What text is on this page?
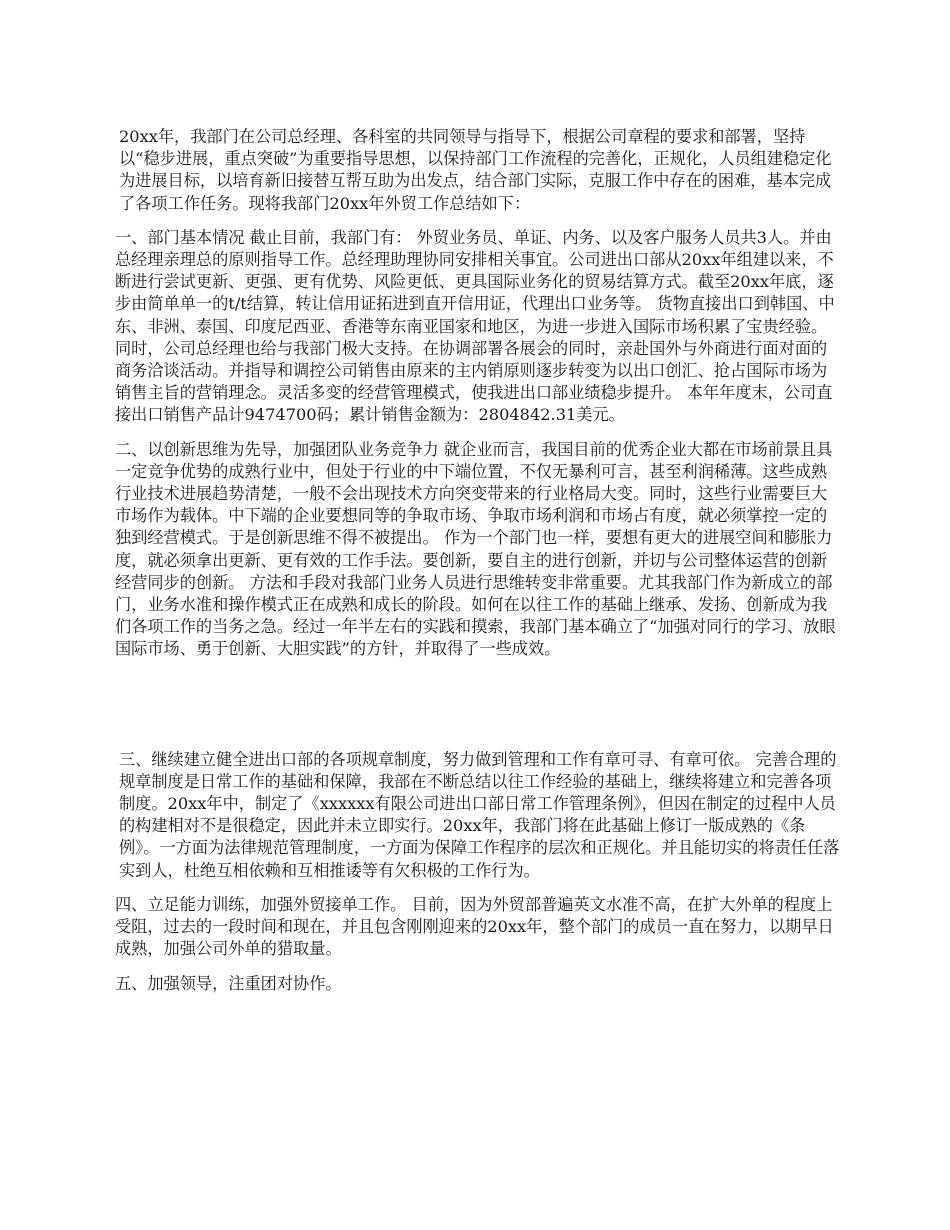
20xx年，我部门在公司总经理、各科室的共同领导与指导下，根据公司章程的要求和部署，坚持以“稳步进展，重点突破”为重要指导思想，以保持部门工作流程的完善化，正规化，人员组建稳定化为进展目标，以培育新旧接替互帮互助为出发点，结合部门实际，克服工作中存在的困难，基本完成了各项工作任务。现将我部门20xx年外贸工作总结如下：

一、部门基本情况 截止目前，我部门有： 外贸业务员、单证、内务、以及客户服务人员共3人。并由总经理亲理总的原则指导工作。总经理助理协同安排相关事宜。公司进出口部从20xx年组建以来，不断进行尝试更新、更强、更有优势、风险更低、更具国际业务化的贸易结算方式。截至20xx年底，逐步由简单单一的t/t结算，转让信用证拓进到直开信用证，代理出口业务等。 货物直接出口到韩国、中东、非洲、泰国、印度尼西亚、香港等东南亚国家和地区，为进一步进入国际市场积累了宝贵经验。同时，公司总经理也给与我部门极大支持。在协调部署各展会的同时，亲赴国外与外商进行面对面的商务洽谈活动。并指导和调控公司销售由原来的主内销原则逐步转变为以出口创汇、抢占国际市场为销售主旨的营销理念。灵活多变的经营管理模式，使我进出口部业绩稳步提升。 本年年度末，公司直接出口销售产品计9474700码；累计销售金额为：2804842.31美元。

二、以创新思维为先导，加强团队业务竞争力 就企业而言，我国目前的优秀企业大都在市场前景且具一定竞争优势的成熟行业中，但处于行业的中下端位置，不仅无暴利可言，甚至利润稀薄。这些成熟行业技术进展趋势清楚，一般不会出现技术方向突变带来的行业格局大变。同时，这些行业需要巨大市场作为载体。中下端的企业要想同等的争取市场、争取市场利润和市场占有度，就必须掌控一定的独到经营模式。于是创新思维不得不被提出。 作为一个部门也一样，要想有更大的进展空间和膨胀力度，就必须拿出更新、更有效的工作手法。要创新，要自主的进行创新，并切与公司整体运营的创新经营同步的创新。 方法和手段对我部门业务人员进行思维转变非常重要。尤其我部门作为新成立的部门，业务水准和操作模式正在成熟和成长的阶段。如何在以往工作的基础上继承、发扬、创新成为我们各项工作的当务之急。经过一年半左右的实践和摸索，我部门基本确立了“加强对同行的学习、放眼国际市场、勇于创新、大胆实践”的方针，并取得了一些成效。

三、继续建立健全进出口部的各项规章制度，努力做到管理和工作有章可寻、有章可依。 完善合理的规章制度是日常工作的基础和保障，我部在不断总结以往工作经验的基础上，继续将建立和完善各项制度。20xx年中，制定了《xxxxxx有限公司进出口部日常工作管理条例》，但因在制定的过程中人员的构建相对不是很稳定，因此并未立即实行。20xx年，我部门将在此基础上修订一版成熟的《条例》。一方面为法律规范管理制度，一方面为保障工作程序的层次和正规化。并且能切实的将责任任落实到人，杜绝互相依赖和互相推诿等有欠积极的工作行为。

四、立足能力训练，加强外贸接单工作。 目前，因为外贸部普遍英文水准不高，在扩大外单的程度上受阻，过去的一段时间和现在，并且包含刚刚迎来的20xx年，整个部门的成员一直在努力，以期早日成熟，加强公司外单的猎取量。

五、加强领导，注重团对协作。
